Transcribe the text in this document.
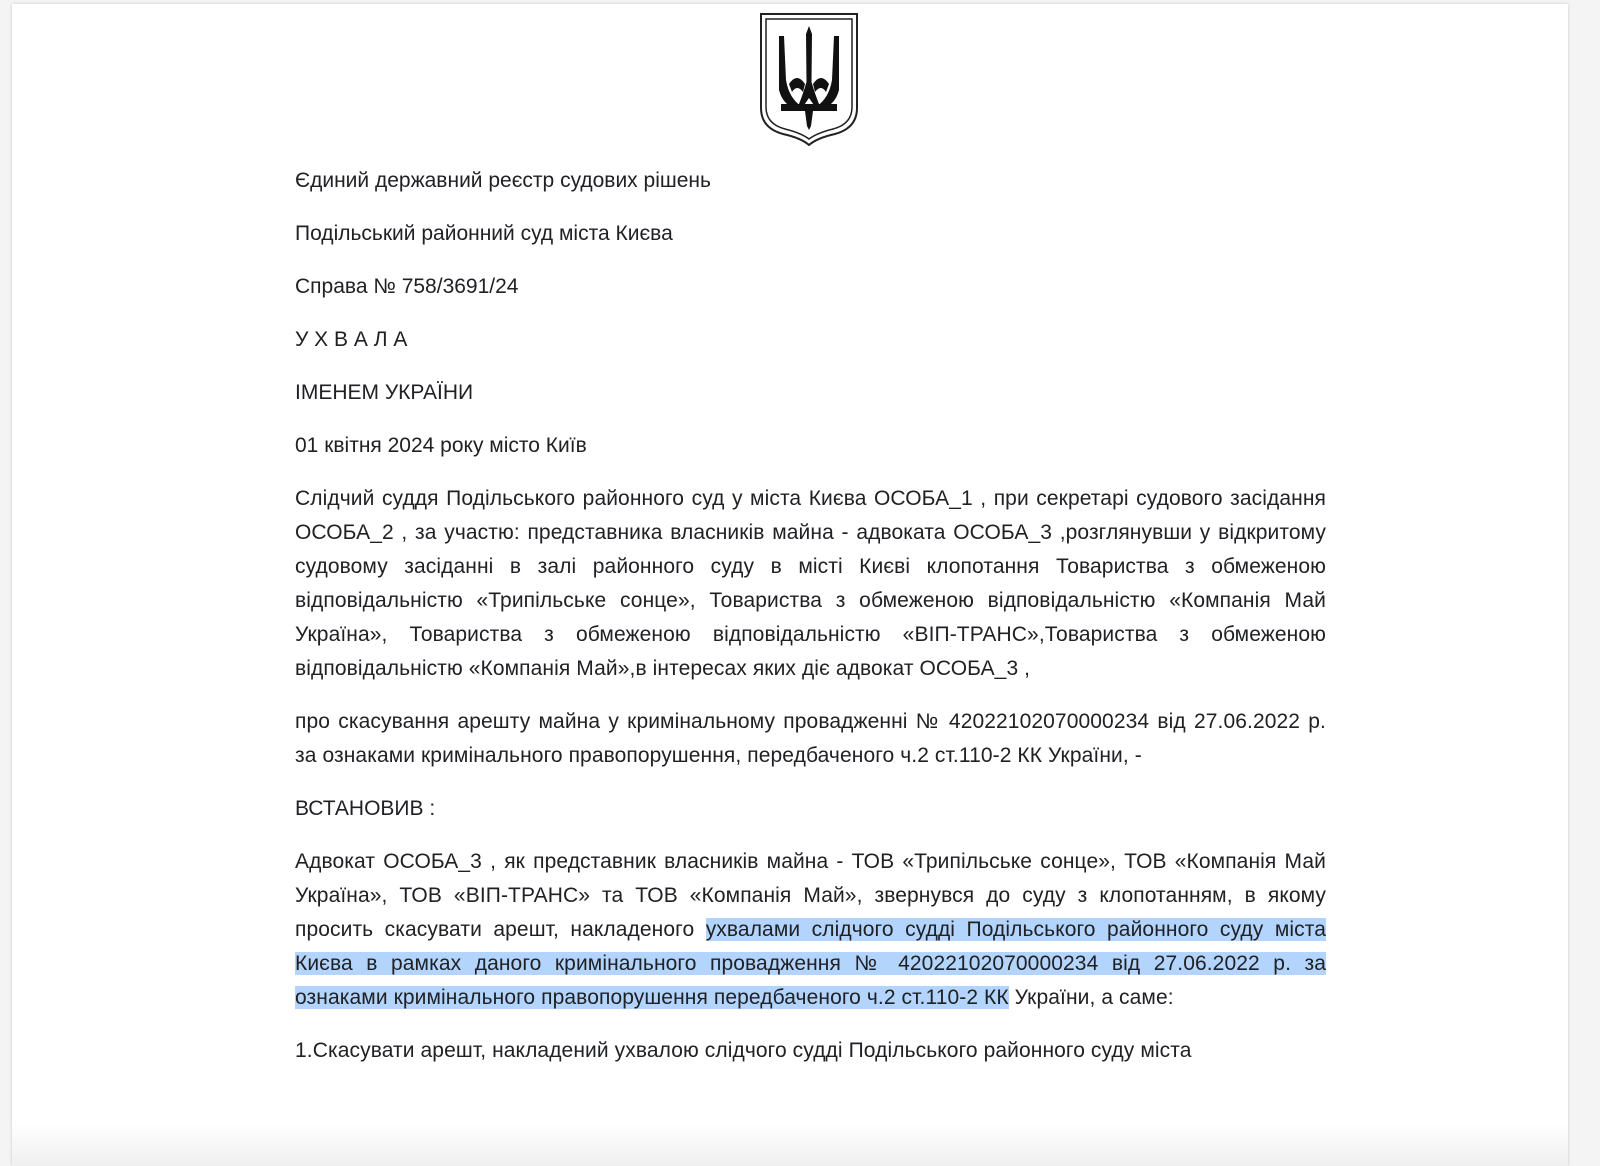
Єдиний державний реєстр судових рішень
Подільський районний суд міста Києва
Справа № 758/3691/24
У Х В А Л А
ІМЕНЕМ УКРАЇНИ
01 квітня 2024 року місто Київ

Слідчий суддя Подільського районного суд у міста Києва ОСОБА_1 , при секретарі судового засідання ОСОБА_2 , за участю: представника власників майна - адвоката ОСОБА_3 ,розглянувши у відкритому судовому засіданні в залі районного суду в місті Києві клопотання Товариства з обмеженою відповідальністю «Трипільське сонце», Товариства з обмеженою відповідальністю «Компанія Май Україна», Товариства з обмеженою відповідальністю «ВІП-ТРАНС»,Товариства з обмеженою відповідальністю «Компанія Май»,в інтересах яких діє адвокат ОСОБА_3 ,

про скасування арешту майна у кримінальному провадженні № 42022102070000234 від 27.06.2022 р. за ознаками кримінального правопорушення, передбаченого ч.2 ст.110-2 КК України, -

ВСТАНОВИВ :

Адвокат ОСОБА_3 , як представник власників майна - ТОВ «Трипільське сонце», ТОВ «Компанія Май Україна», ТОВ «ВІП-ТРАНС» та ТОВ «Компанія Май», звернувся до суду з клопотанням, в якому просить скасувати арешт, накладеного ухвалами слідчого судді Подільського районного суду міста Києва в рамках даного кримінального провадження № 42022102070000234 від 27.06.2022 р. за ознаками кримінального правопорушення передбаченого ч.2 ст.110-2 КК України, а саме:

1.Скасувати арешт, накладений ухвалою слідчого судді Подільського районного суду міста
